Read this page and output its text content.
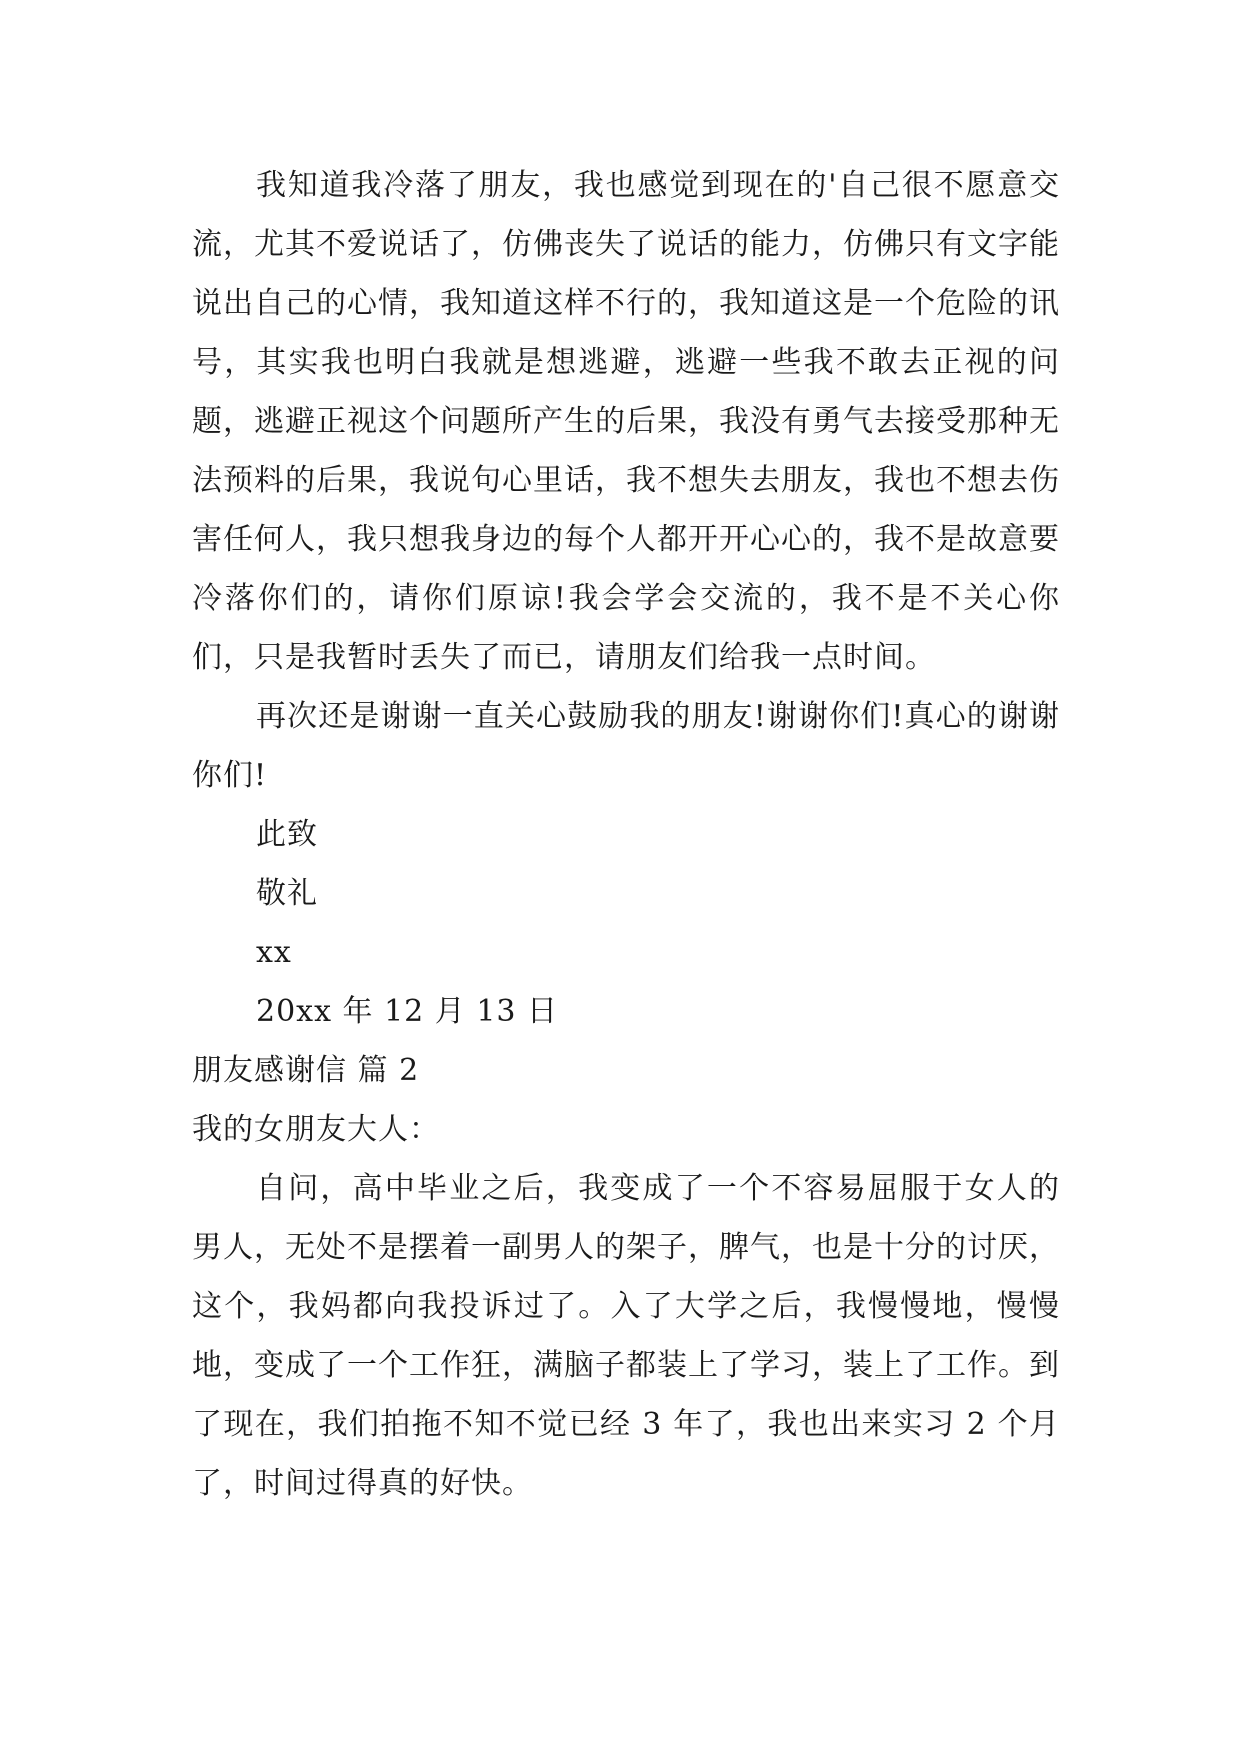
我知道我冷落了朋友，我也感觉到现在的'自己很不愿意交流，尤其不爱说话了，仿佛丧失了说话的能力，仿佛只有文字能说出自己的心情，我知道这样不行的，我知道这是一个危险的讯号，其实我也明白我就是想逃避，逃避一些我不敢去正视的问题，逃避正视这个问题所产生的后果，我没有勇气去接受那种无法预料的后果，我说句心里话，我不想失去朋友，我也不想去伤害任何人，我只想我身边的每个人都开开心心的，我不是故意要冷落你们的，请你们原谅!我会学会交流的，我不是不关心你们，只是我暂时丢失了而已，请朋友们给我一点时间。

再次还是谢谢一直关心鼓励我的朋友!谢谢你们!真心的谢谢你们!

此致

敬礼

xx

20xx 年 12 月 13 日

朋友感谢信 篇 2

我的女朋友大人：

自问，高中毕业之后，我变成了一个不容易屈服于女人的男人，无处不是摆着一副男人的架子，脾气，也是十分的讨厌，这个，我妈都向我投诉过了。入了大学之后，我慢慢地，慢慢地，变成了一个工作狂，满脑子都装上了学习，装上了工作。到了现在，我们拍拖不知不觉已经 3 年了，我也出来实习 2 个月了，时间过得真的好快。
